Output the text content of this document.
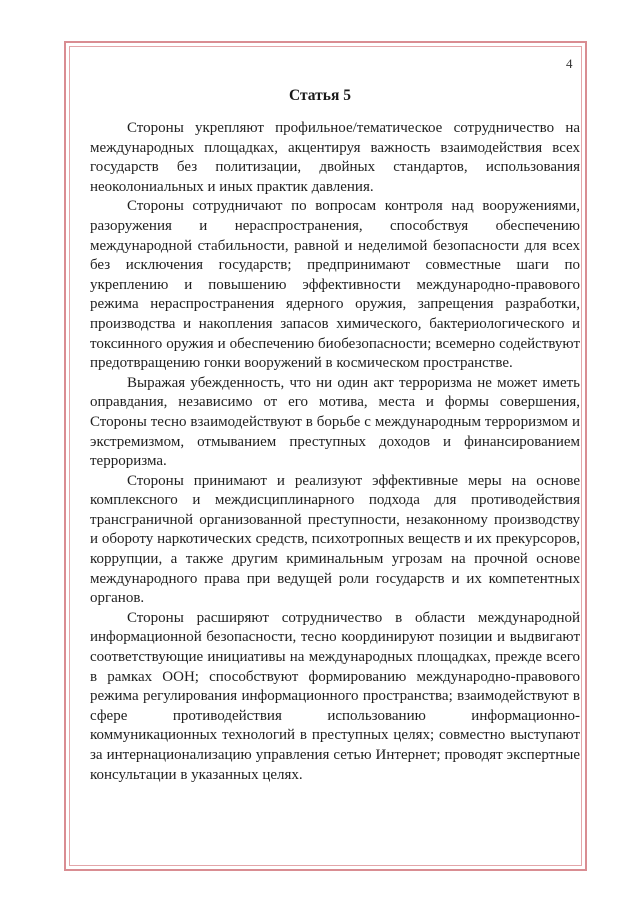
4
Статья 5

Стороны укрепляют профильное/тематическое сотрудничество на международных площадках, акцентируя важность взаимодействия всех государств без политизации, двойных стандартов, использования неоколониальных и иных практик давления.

Стороны сотрудничают по вопросам контроля над вооружениями, разоружения и нераспространения, способствуя обеспечению международной стабильности, равной и неделимой безопасности для всех без исключения государств; предпринимают совместные шаги по укреплению и повышению эффективности международно-правового режима нераспространения ядерного оружия, запрещения разработки, производства и накопления запасов химического, бактериологического и токсинного оружия и обеспечению биобезопасности; всемерно содействуют предотвращению гонки вооружений в космическом пространстве.

Выражая убежденность, что ни один акт терроризма не может иметь оправдания, независимо от его мотива, места и формы совершения, Стороны тесно взаимодействуют в борьбе с международным терроризмом и экстремизмом, отмыванием преступных доходов и финансированием терроризма.

Стороны принимают и реализуют эффективные меры на основе комплексного и междисциплинарного подхода для противодействия трансграничной организованной преступности, незаконному производству и обороту наркотических средств, психотропных веществ и их прекурсоров, коррупции, а также другим криминальным угрозам на прочной основе международного права при ведущей роли государств и их компетентных органов.

Стороны расширяют сотрудничество в области международной информационной безопасности, тесно координируют позиции и выдвигают соответствующие инициативы на международных площадках, прежде всего в рамках ООН; способствуют формированию международно-правового режима регулирования информационного пространства; взаимодействуют в сфере противодействия использованию информационно-коммуникационных технологий в преступных целях; совместно выступают за интернационализацию управления сетью Интернет; проводят экспертные консультации в указанных целях.
